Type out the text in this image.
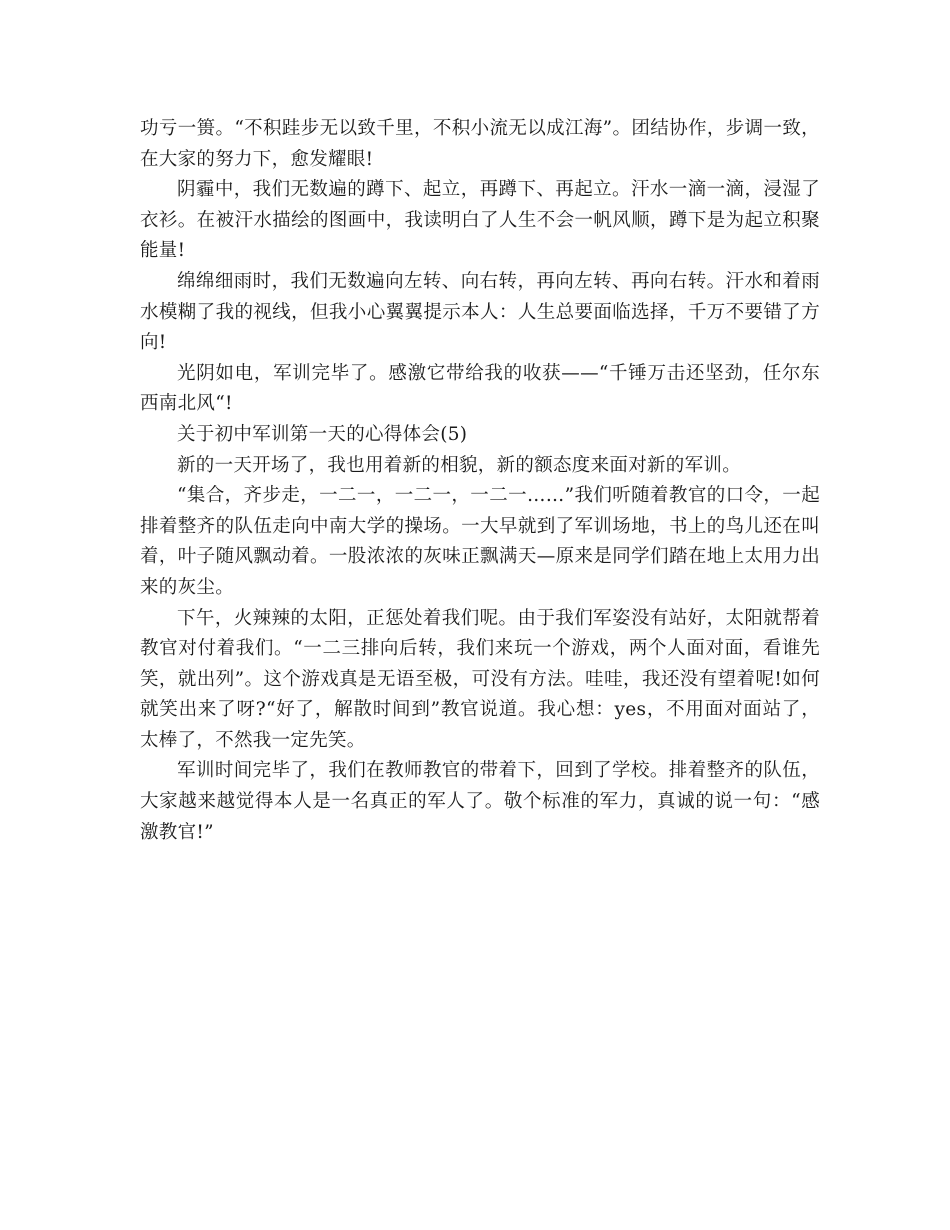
功亏一篑。“不积跬步无以致千里，不积小流无以成江海”。团结协作，步调一致，在大家的努力下，愈发耀眼!

阴霾中，我们无数遍的蹲下、起立，再蹲下、再起立。汗水一滴一滴，浸湿了衣衫。在被汗水描绘的图画中，我读明白了人生不会一帆风顺，蹲下是为起立积聚能量!

绵绵细雨时，我们无数遍向左转、向右转，再向左转、再向右转。汗水和着雨水模糊了我的视线，但我小心翼翼提示本人：人生总要面临选择，千万不要错了方向!

光阴如电，军训完毕了。感激它带给我的收获——“千锤万击还坚劲，任尔东西南北风“!

关于初中军训第一天的心得体会(5)

新的一天开场了，我也用着新的相貌，新的额态度来面对新的军训。

“集合，齐步走，一二一，一二一，一二一……”我们听随着教官的口令，一起排着整齐的队伍走向中南大学的操场。一大早就到了军训场地，书上的鸟儿还在叫着，叶子随风飘动着。一股浓浓的灰味正飘满天—原来是同学们踏在地上太用力出来的灰尘。

下午，火辣辣的太阳，正惩处着我们呢。由于我们军姿没有站好，太阳就帮着教官对付着我们。“一二三排向后转，我们来玩一个游戏，两个人面对面，看谁先笑，就出列”。这个游戏真是无语至极，可没有方法。哇哇，我还没有望着呢!如何就笑出来了呀?“好了，解散时间到”教官说道。我心想：yes，不用面对面站了，太棒了，不然我一定先笑。

军训时间完毕了，我们在教师教官的带着下，回到了学校。排着整齐的队伍，大家越来越觉得本人是一名真正的军人了。敬个标准的军力，真诚的说一句：“感激教官!”
